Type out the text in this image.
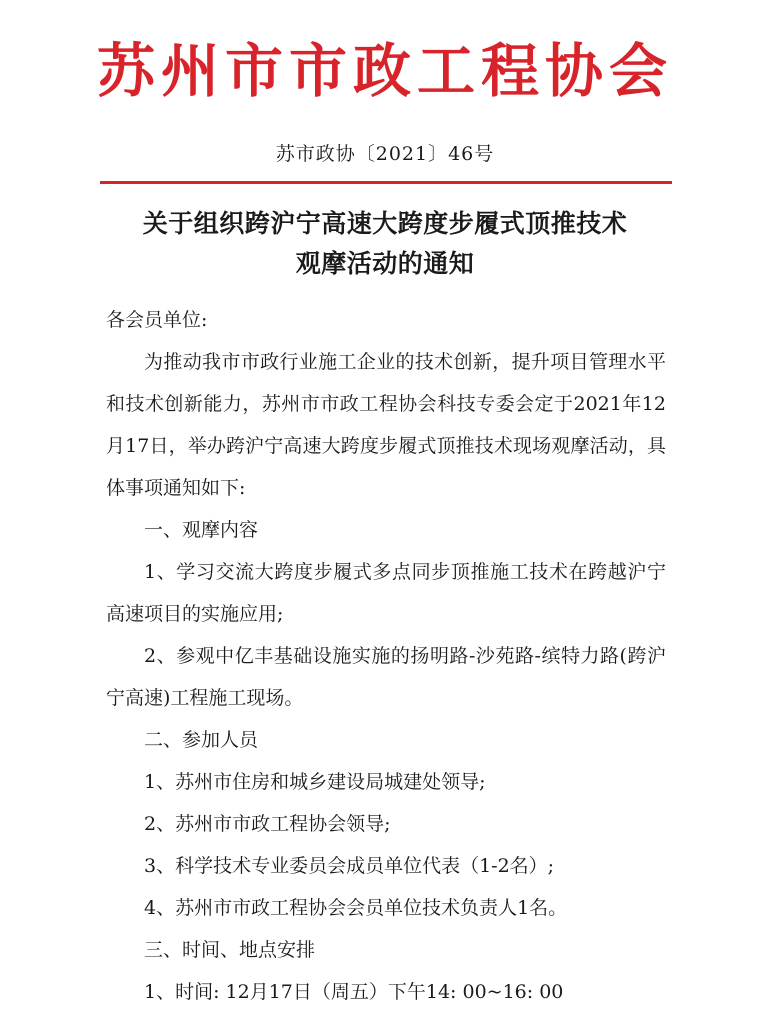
苏州市市政工程协会
苏市政协〔2021〕46号
关于组织跨沪宁高速大跨度步履式顶推技术
观摩活动的通知

各会员单位:

为推动我市市政行业施工企业的技术创新，提升项目管理水平和技术创新能力，苏州市市政工程协会科技专委会定于2021年12月17日，举办跨沪宁高速大跨度步履式顶推技术现场观摩活动，具体事项通知如下:

一、观摩内容

1、学习交流大跨度步履式多点同步顶推施工技术在跨越沪宁高速项目的实施应用;

2、参观中亿丰基础设施实施的扬明路-沙苑路-缤特力路(跨沪宁高速)工程施工现场。

二、参加人员

1、苏州市住房和城乡建设局城建处领导;

2、苏州市市政工程协会领导;

3、科学技术专业委员会成员单位代表（1-2名）;

4、苏州市市政工程协会会员单位技术负责人1名。

三、时间、地点安排

1、时间: 12月17日（周五）下午14: 00~16: 00
